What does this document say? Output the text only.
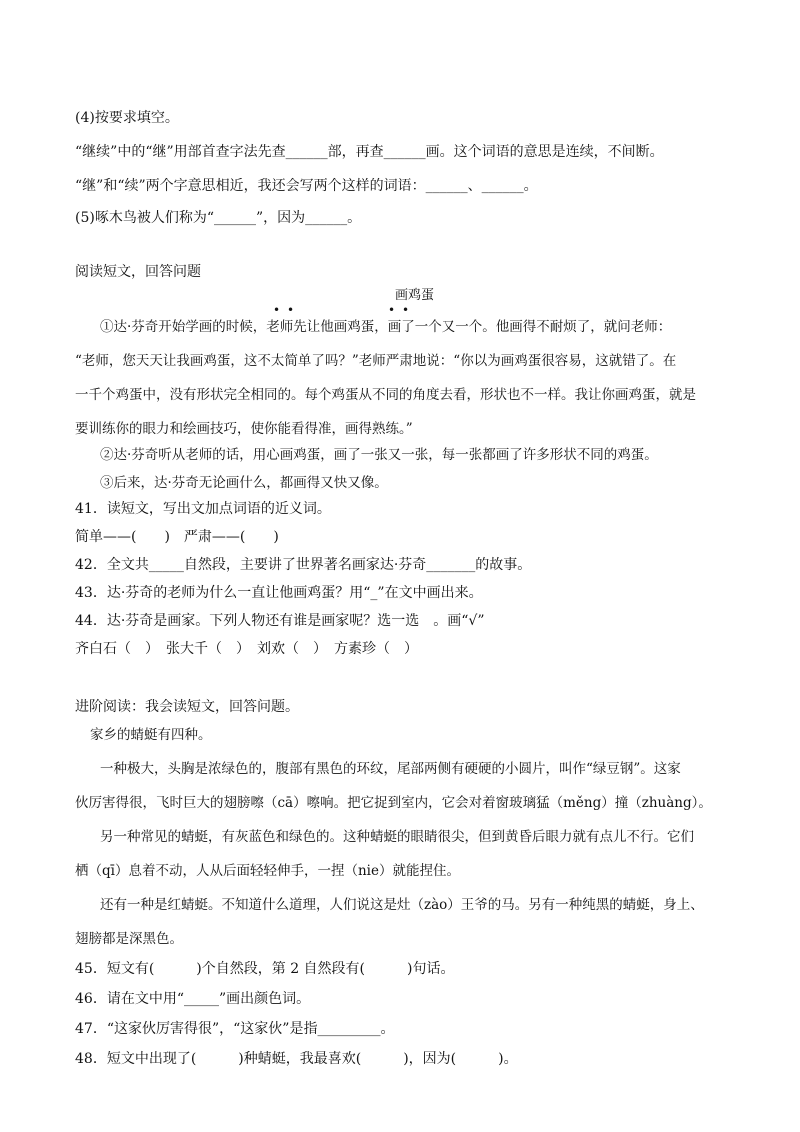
(4)按要求填空。
“继续”中的“继”用部首查字法先查______部，再查______画。这个词语的意思是连续，不间断。
“继”和“续”两个字意思相近，我还会写两个这样的词语：______、______。
(5)啄木鸟被人们称为“______”，因为______。
阅读短文，回答问题
画鸡蛋
①达·芬奇开始学画的时候，老师先让他画鸡蛋，画了一个又一个。他画得不耐烦了，就问老师：
• •	• •
“老师，您天天让我画鸡蛋，这不太简单了吗？”老师严肃地说：“你以为画鸡蛋很容易，这就错了。在
一千个鸡蛋中，没有形状完全相同的。每个鸡蛋从不同的角度去看，形状也不一样。我让你画鸡蛋，就是
要训练你的眼力和绘画技巧，使你能看得准，画得熟练。”
②达·芬奇听从老师的话，用心画鸡蛋，画了一张又一张，每一张都画了许多形状不同的鸡蛋。
③后来，达·芬奇无论画什么，都画得又快又像。
41．读短文，写出文加点词语的近义词。
简单——(　　)　严肃——(　　)
42．全文共_____自然段，主要讲了世界著名画家达·芬奇_______的故事。
43．达·芬奇的老师为什么一直让他画鸡蛋？用“_”在文中画出来。
44．达·芬奇是画家。下列人物还有谁是画家呢？选一选　。画“√”
齐白石（　）　张大千（　）　刘欢（　）　方素珍（　）
进阶阅读：我会读短文，回答问题。
家乡的蜻蜓有四种。
一种极大，头胸是浓绿色的，腹部有黑色的环纹，尾部两侧有硬硬的小圆片，叫作“绿豆钢”。这家
伙厉害得很，飞时巨大的翅膀嚓（cā）嚓响。把它捉到室内，它会对着窗玻璃猛（měng）撞（zhuàng）。
另一种常见的蜻蜓，有灰蓝色和绿色的。这种蜻蜓的眼睛很尖，但到黄昏后眼力就有点儿不行。它们
栖（qī）息着不动，人从后面轻轻伸手，一捏（nie）就能捏住。
还有一种是红蜻蜓。不知道什么道理，人们说这是灶（zào）王爷的马。另有一种纯黑的蜻蜓，身上、
翅膀都是深黑色。
45．短文有(　　　)个自然段，第 2 自然段有(　　　)句话。
46．请在文中用“_____”画出颜色词。
47．“这家伙厉害得很”，“这家伙”是指_________。
48．短文中出现了(　　　)种蜻蜓，我最喜欢(　　　)，因为(　　　)。
